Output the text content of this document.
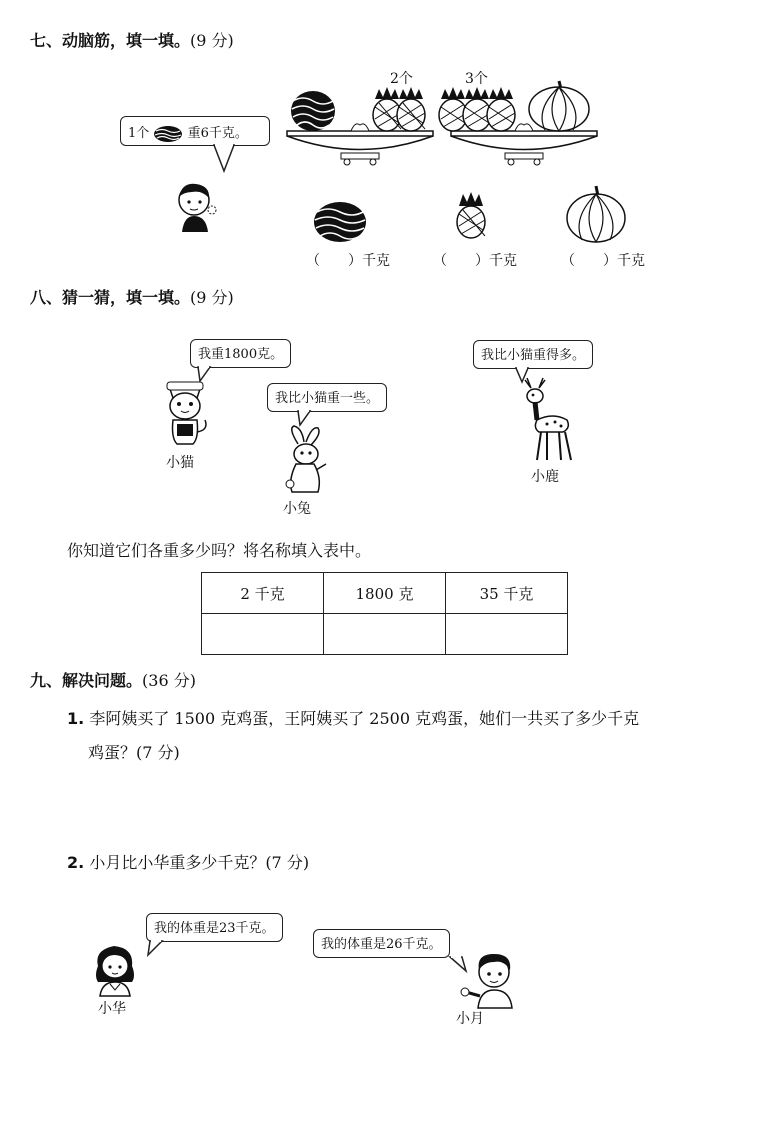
七、动脑筋，填一填。(9 分)
1个	重6千克。
2个	3个
（　　）千克	（　　）千克	（　　）千克
八、猜一猜，填一填。(9 分)
我重1800克。
我比小猫重一些。
我比小猫重得多。
小猫
小兔
小鹿
你知道它们各重多少吗？将名称填入表中。
2 千克	1800 克	35 千克

九、解决问题。(36 分)
1. 李阿姨买了 1500 克鸡蛋，王阿姨买了 2500 克鸡蛋，她们一共买了多少千克
鸡蛋？(7 分)
2. 小月比小华重多少千克？(7 分)
我的体重是23千克。
我的体重是26千克。
小华
小月
